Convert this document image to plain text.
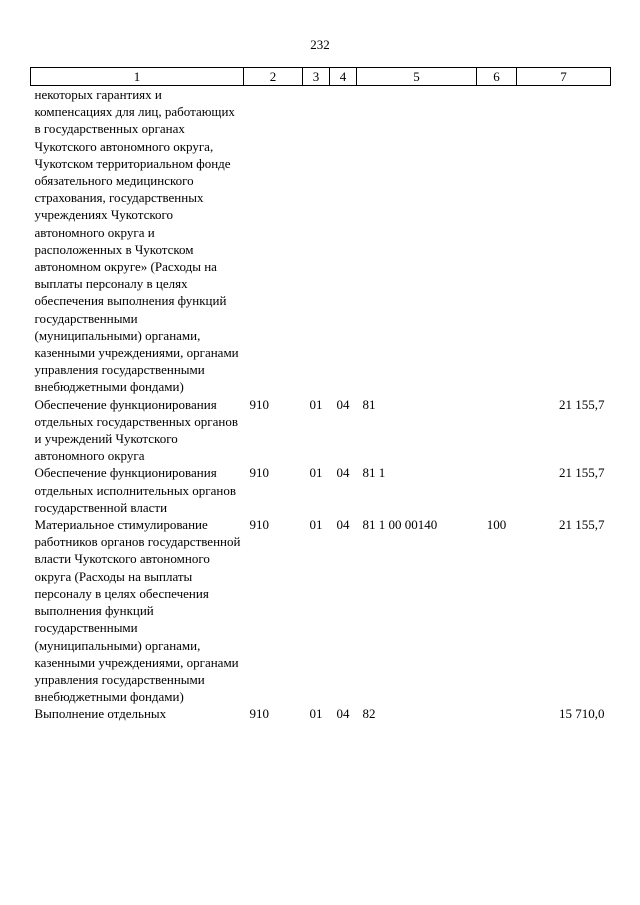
232
1	2	3	4	5	6	7
некоторых гарантиях и компенсациях для лиц, работающих в государственных органах Чукотского автономного округа, Чукотском территориальном фонде обязательного медицинского страхования, государственных учреждениях Чукотского автономного округа и расположенных в Чукотском автономном округе» (Расходы на выплаты персоналу в целях обеспечения выполнения функций государственными (муниципальными) органами, казенными учреждениями, органами управления государственными внебюджетными фондами)						
Обеспечение функционирования отдельных государственных органов и учреждений Чукотского автономного округа	910	01	04	81		21 155,7
Обеспечение функционирования отдельных исполнительных органов государственной власти	910	01	04	81 1		21 155,7
Материальное стимулирование работников органов государственной власти Чукотского автономного округа (Расходы на выплаты персоналу в целях обеспечения выполнения функций государственными (муниципальными) органами, казенными учреждениями, органами управления государственными внебюджетными фондами)	910	01	04	81 1 00 00140	100	21 155,7
Выполнение отдельных	910	01	04	82		15 710,0
